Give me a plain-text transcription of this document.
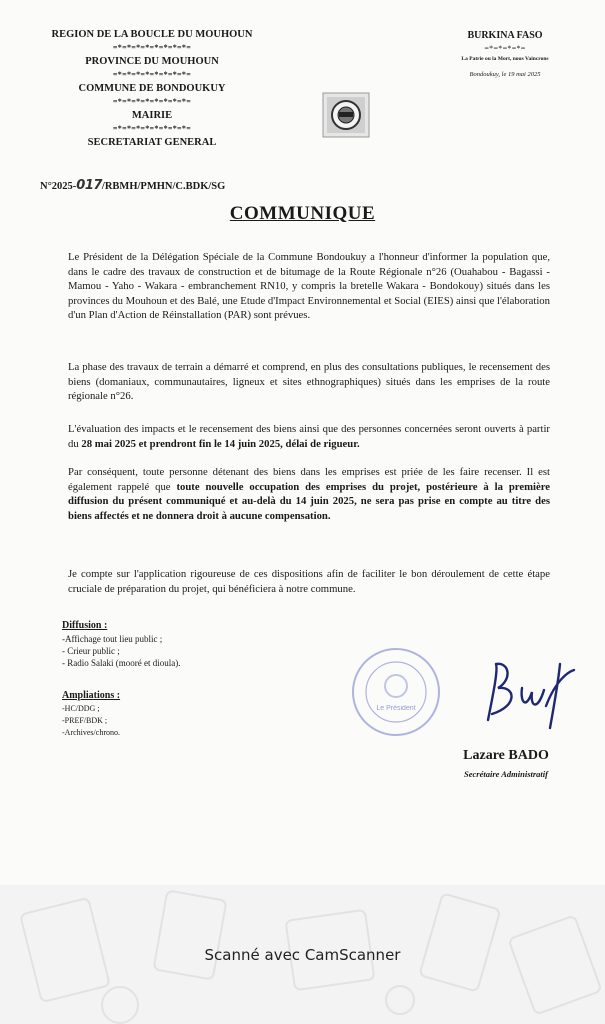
REGION DE LA BOUCLE DU MOUHOUN
=*=*=*=*=*=*=*=*=
PROVINCE DU MOUHOUN
=*=*=*=*=*=*=*=*=
COMMUNE DE BONDOUKUY
=*=*=*=*=*=*=*=*=
MAIRIE
=*=*=*=*=*=*=*=*=
SECRETARIAT GENERAL
BURKINA FASO
=*=*=*=*=
La Patrie ou la Mort, nous Vaincrons
Bondoukuy, le 19 mai 2025
N°2025-017/RBMH/PMHN/C.BDK/SG
COMMUNIQUE
Le Président de la Délégation Spéciale de la Commune Bondoukuy a l'honneur d'informer la population que, dans le cadre des travaux de construction et de bitumage de la Route Régionale n°26 (Ouahabou - Bagassi - Mamou - Yaho - Wakara - embranchement RN10, y compris la bretelle Wakara - Bondokouy) situés dans les provinces du Mouhoun et des Balé, une Etude d'Impact Environnemental et Social (EIES) ainsi que l'élaboration d'un Plan d'Action de Réinstallation (PAR) sont prévues.
La phase des travaux de terrain a démarré et comprend, en plus des consultations publiques, le recensement des biens (domaniaux, communautaires, ligneux et sites ethnographiques) situés dans les emprises de la route régionale n°26.
L'évaluation des impacts et le recensement des biens ainsi que des personnes concernées seront ouverts à partir du 28 mai 2025 et prendront fin le 14 juin 2025, délai de rigueur.
Par conséquent, toute personne détenant des biens dans les emprises est priée de les faire recenser. Il est également rappelé que toute nouvelle occupation des emprises du projet, postérieure à la première diffusion du présent communiqué et au-delà du 14 juin 2025, ne sera pas prise en compte au titre des biens affectés et ne donnera droit à aucune compensation.
Je compte sur l'application rigoureuse de ces dispositions afin de faciliter le bon déroulement de cette étape cruciale de préparation du projet, qui bénéficiera à notre commune.
Diffusion :
-Affichage tout lieu public ;
- Crieur public ;
- Radio Salaki (mooré et dioula).
Ampliations :
-HC/DDG ;
-PREF/BDK ;
-Archives/chrono.
Le Président
Lazare BADO
Secrétaire Administratif
Scanné avec CamScanner
